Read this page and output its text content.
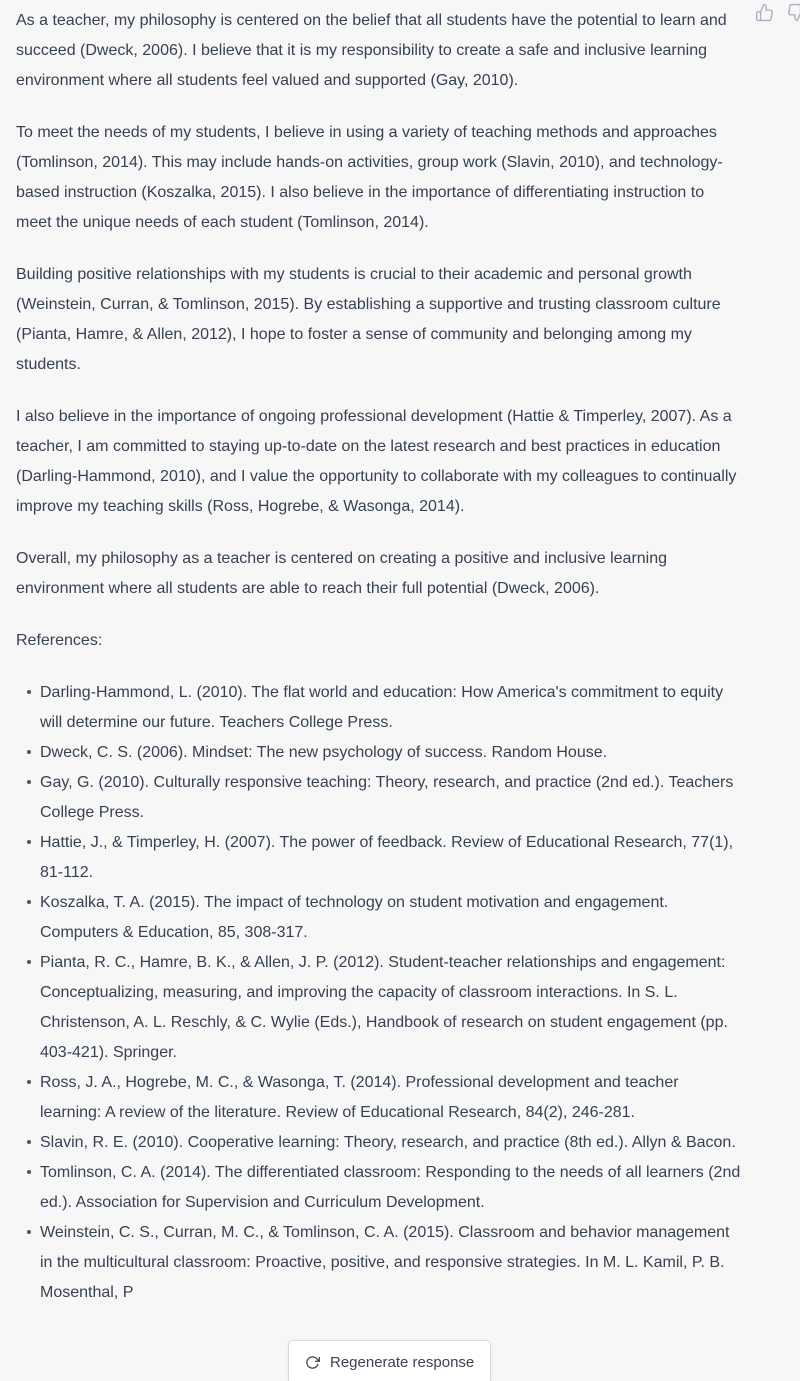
As a teacher, my philosophy is centered on the belief that all students have the potential to learn and succeed (Dweck, 2006). I believe that it is my responsibility to create a safe and inclusive learning environment where all students feel valued and supported (Gay, 2010).

To meet the needs of my students, I believe in using a variety of teaching methods and approaches (Tomlinson, 2014). This may include hands-on activities, group work (Slavin, 2010), and technology-based instruction (Koszalka, 2015). I also believe in the importance of differentiating instruction to meet the unique needs of each student (Tomlinson, 2014).

Building positive relationships with my students is crucial to their academic and personal growth (Weinstein, Curran, & Tomlinson, 2015). By establishing a supportive and trusting classroom culture (Pianta, Hamre, & Allen, 2012), I hope to foster a sense of community and belonging among my students.

I also believe in the importance of ongoing professional development (Hattie & Timperley, 2007). As a teacher, I am committed to staying up-to-date on the latest research and best practices in education (Darling-Hammond, 2010), and I value the opportunity to collaborate with my colleagues to continually improve my teaching skills (Ross, Hogrebe, & Wasonga, 2014).

Overall, my philosophy as a teacher is centered on creating a positive and inclusive learning environment where all students are able to reach their full potential (Dweck, 2006).

References:

Darling-Hammond, L. (2010). The flat world and education: How America's commitment to equity will determine our future. Teachers College Press.
Dweck, C. S. (2006). Mindset: The new psychology of success. Random House.
Gay, G. (2010). Culturally responsive teaching: Theory, research, and practice (2nd ed.). Teachers College Press.
Hattie, J., & Timperley, H. (2007). The power of feedback. Review of Educational Research, 77(1), 81-112.
Koszalka, T. A. (2015). The impact of technology on student motivation and engagement. Computers & Education, 85, 308-317.
Pianta, R. C., Hamre, B. K., & Allen, J. P. (2012). Student-teacher relationships and engagement: Conceptualizing, measuring, and improving the capacity of classroom interactions. In S. L. Christenson, A. L. Reschly, & C. Wylie (Eds.), Handbook of research on student engagement (pp. 403-421). Springer.
Ross, J. A., Hogrebe, M. C., & Wasonga, T. (2014). Professional development and teacher learning: A review of the literature. Review of Educational Research, 84(2), 246-281.
Slavin, R. E. (2010). Cooperative learning: Theory, research, and practice (8th ed.). Allyn & Bacon.
Tomlinson, C. A. (2014). The differentiated classroom: Responding to the needs of all learners (2nd ed.). Association for Supervision and Curriculum Development.
Weinstein, C. S., Curran, M. C., & Tomlinson, C. A. (2015). Classroom and behavior management in the multicultural classroom: Proactive, positive, and responsive strategies. In M. L. Kamil, P. B. Mosenthal, P
Regenerate response
